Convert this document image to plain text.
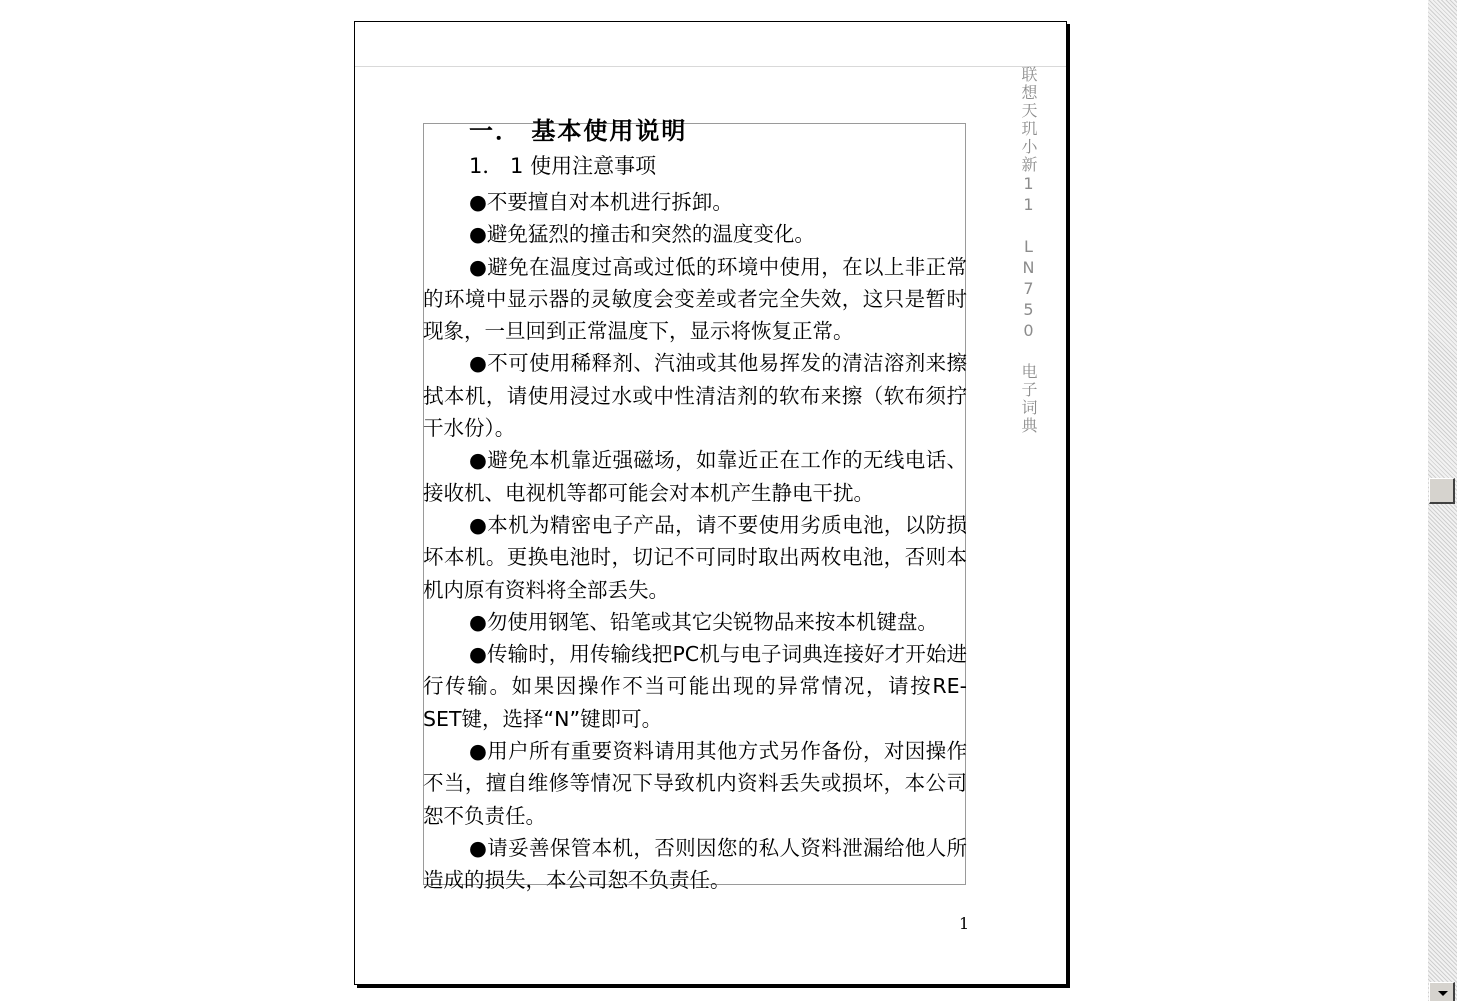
联想天玑小新11 LN750 电子词典
一． 基本使用说明
1． 1 使用注意事项

●不要擅自对本机进行拆卸。

●避免猛烈的撞击和突然的温度变化。

●避免在温度过高或过低的环境中使用，在以上非正常的环境中显示器的灵敏度会变差或者完全失效，这只是暂时现象，一旦回到正常温度下，显示将恢复正常。

●不可使用稀释剂、汽油或其他易挥发的清洁溶剂来擦拭本机，请使用浸过水或中性清洁剂的软布来擦（软布须拧干水份）。

●避免本机靠近强磁场，如靠近正在工作的无线电话、接收机、电视机等都可能会对本机产生静电干扰。

●本机为精密电子产品，请不要使用劣质电池，以防损坏本机。更换电池时，切记不可同时取出两枚电池，否则本机内原有资料将全部丢失。

●勿使用钢笔、铅笔或其它尖锐物品来按本机键盘。

●传输时，用传输线把PC机与电子词典连接好才开始进行传输。如果因操作不当可能出现的异常情况，请按RE-SET键，选择“N”键即可。

●用户所有重要资料请用其他方式另作备份，对因操作不当，擅自维修等情况下导致机内资料丢失或损坏，本公司恕不负责任。

●请妥善保管本机，否则因您的私人资料泄漏给他人所造成的损失，本公司恕不负责任。

1
